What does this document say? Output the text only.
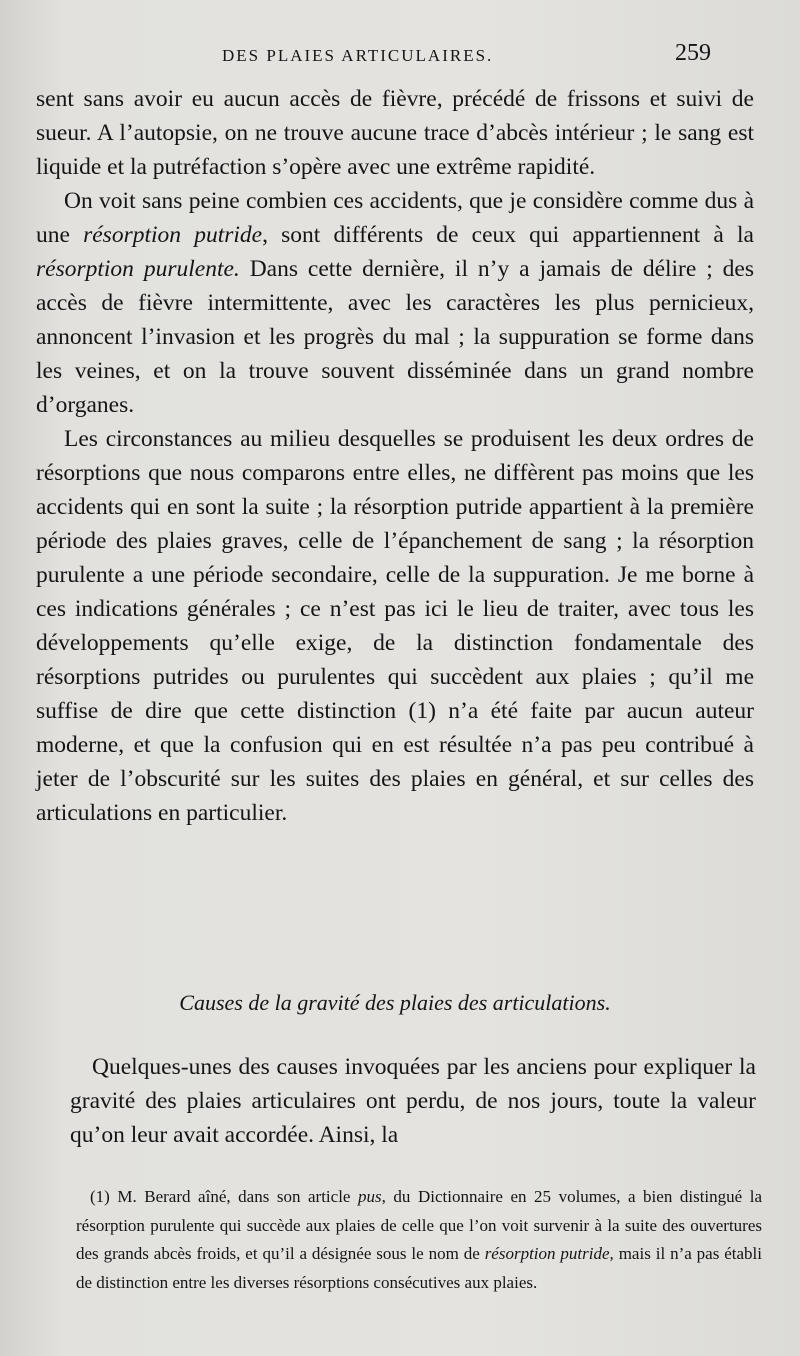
DES PLAIES ARTICULAIRES.	259

sent sans avoir eu aucun accès de fièvre, précédé de frissons et suivi de sueur. A l’autopsie, on ne trouve aucune trace d’abcès intérieur ; le sang est liquide et la putréfaction s’opère avec une extrême rapidité.

On voit sans peine combien ces accidents, que je considère comme dus à une résorption putride, sont différents de ceux qui appartiennent à la résorption purulente. Dans cette dernière, il n’y a jamais de délire ; des accès de fièvre intermittente, avec les caractères les plus pernicieux, annoncent l’invasion et les progrès du mal ; la suppuration se forme dans les veines, et on la trouve souvent disséminée dans un grand nombre d’organes.

Les circonstances au milieu desquelles se produisent les deux ordres de résorptions que nous comparons entre elles, ne diffèrent pas moins que les accidents qui en sont la suite ; la résorption putride appartient à la première période des plaies graves, celle de l’épanchement de sang ; la résorption purulente a une période secondaire, celle de la suppuration. Je me borne à ces indications générales ; ce n’est pas ici le lieu de traiter, avec tous les développements qu’elle exige, de la distinction fondamentale des résorptions putrides ou purulentes qui succèdent aux plaies ; qu’il me suffise de dire que cette distinction (1) n’a été faite par aucun auteur moderne, et que la confusion qui en est résultée n’a pas peu contribué à jeter de l’obscurité sur les suites des plaies en général, et sur celles des articulations en particulier.

Causes de la gravité des plaies des articulations.

Quelques-unes des causes invoquées par les anciens pour expliquer la gravité des plaies articulaires ont perdu, de nos jours, toute la valeur qu’on leur avait accordée. Ainsi, la

(1) M. Berard aîné, dans son article pus, du Dictionnaire en 25 volumes, a bien distingué la résorption purulente qui succède aux plaies de celle que l’on voit survenir à la suite des ouvertures des grands abcès froids, et qu’il a désignée sous le nom de résorption putride, mais il n’a pas établi de distinction entre les diverses résorptions consécutives aux plaies.
